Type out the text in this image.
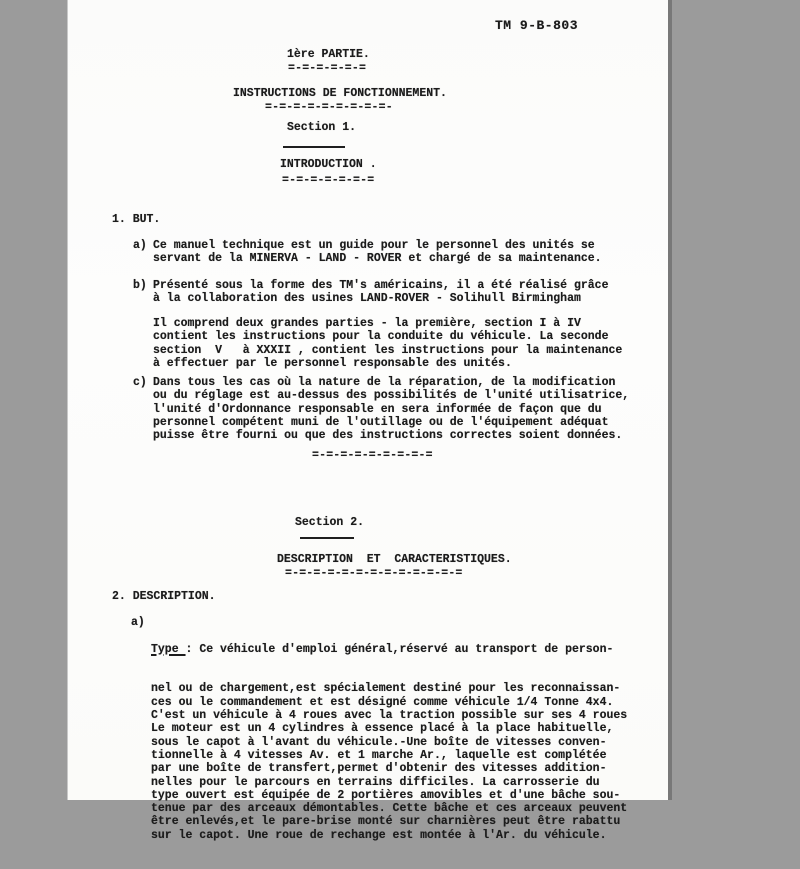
TM 9-B-803
1ère PARTIE.
=-=-=-=-=-=
INSTRUCTIONS DE FONCTIONNEMENT.
=-=-=-=-=-=-=-=-=-
Section 1.
INTRODUCTION .
=-=-=-=-=-=-=
1. BUT.
a) Ce manuel technique est un guide pour le personnel des unités se
servant de la MINERVA - LAND - ROVER et chargé de sa maintenance.
b) Présenté sous la forme des TM's américains, il a été réalisé grâce
à la collaboration des usines LAND-ROVER - Solihull Birmingham
Il comprend deux grandes parties - la première, section I à IV
contient les instructions pour la conduite du véhicule. La seconde
section  V   à XXXII , contient les instructions pour la maintenance
à effectuer par le personnel responsable des unités.
c) Dans tous les cas où la nature de la réparation, de la modification
ou du réglage est au-dessus des possibilités de l'unité utilisatrice,
l'unité d'Ordonnance responsable en sera informée de façon que du
personnel compétent muni de l'outillage ou de l'équipement adéquat
puisse être fourni ou que des instructions correctes soient données.
=-=-=-=-=-=-=-=-=
Section 2.
DESCRIPTION  ET  CARACTERISTIQUES.
=-=-=-=-=-=-=-=-=-=-=-=-=
2. DESCRIPTION.
a)

Type : Ce véhicule d'emploi général,réservé au transport de person-

nel ou de chargement,est spécialement destiné pour les reconnaissan-
ces ou le commandement et est désigné comme véhicule 1/4 Tonne 4x4.
C'est un véhicule à 4 roues avec la traction possible sur ses 4 roues
Le moteur est un 4 cylindres à essence placé à la place habituelle,
sous le capot à l'avant du véhicule.-Une boîte de vitesses conven-
tionnelle à 4 vitesses Av. et 1 marche Ar., laquelle est complétée
par une boîte de transfert,permet d'obtenir des vitesses addition-
nelles pour le parcours en terrains difficiles. La carrosserie du
type ouvert est équipée de 2 portières amovibles et d'une bâche sou-
tenue par des arceaux démontables. Cette bâche et ces arceaux peuvent
être enlevés,et le pare-brise monté sur charnières peut être rabattu
sur le capot. Une roue de rechange est montée à l'Ar. du véhicule.
